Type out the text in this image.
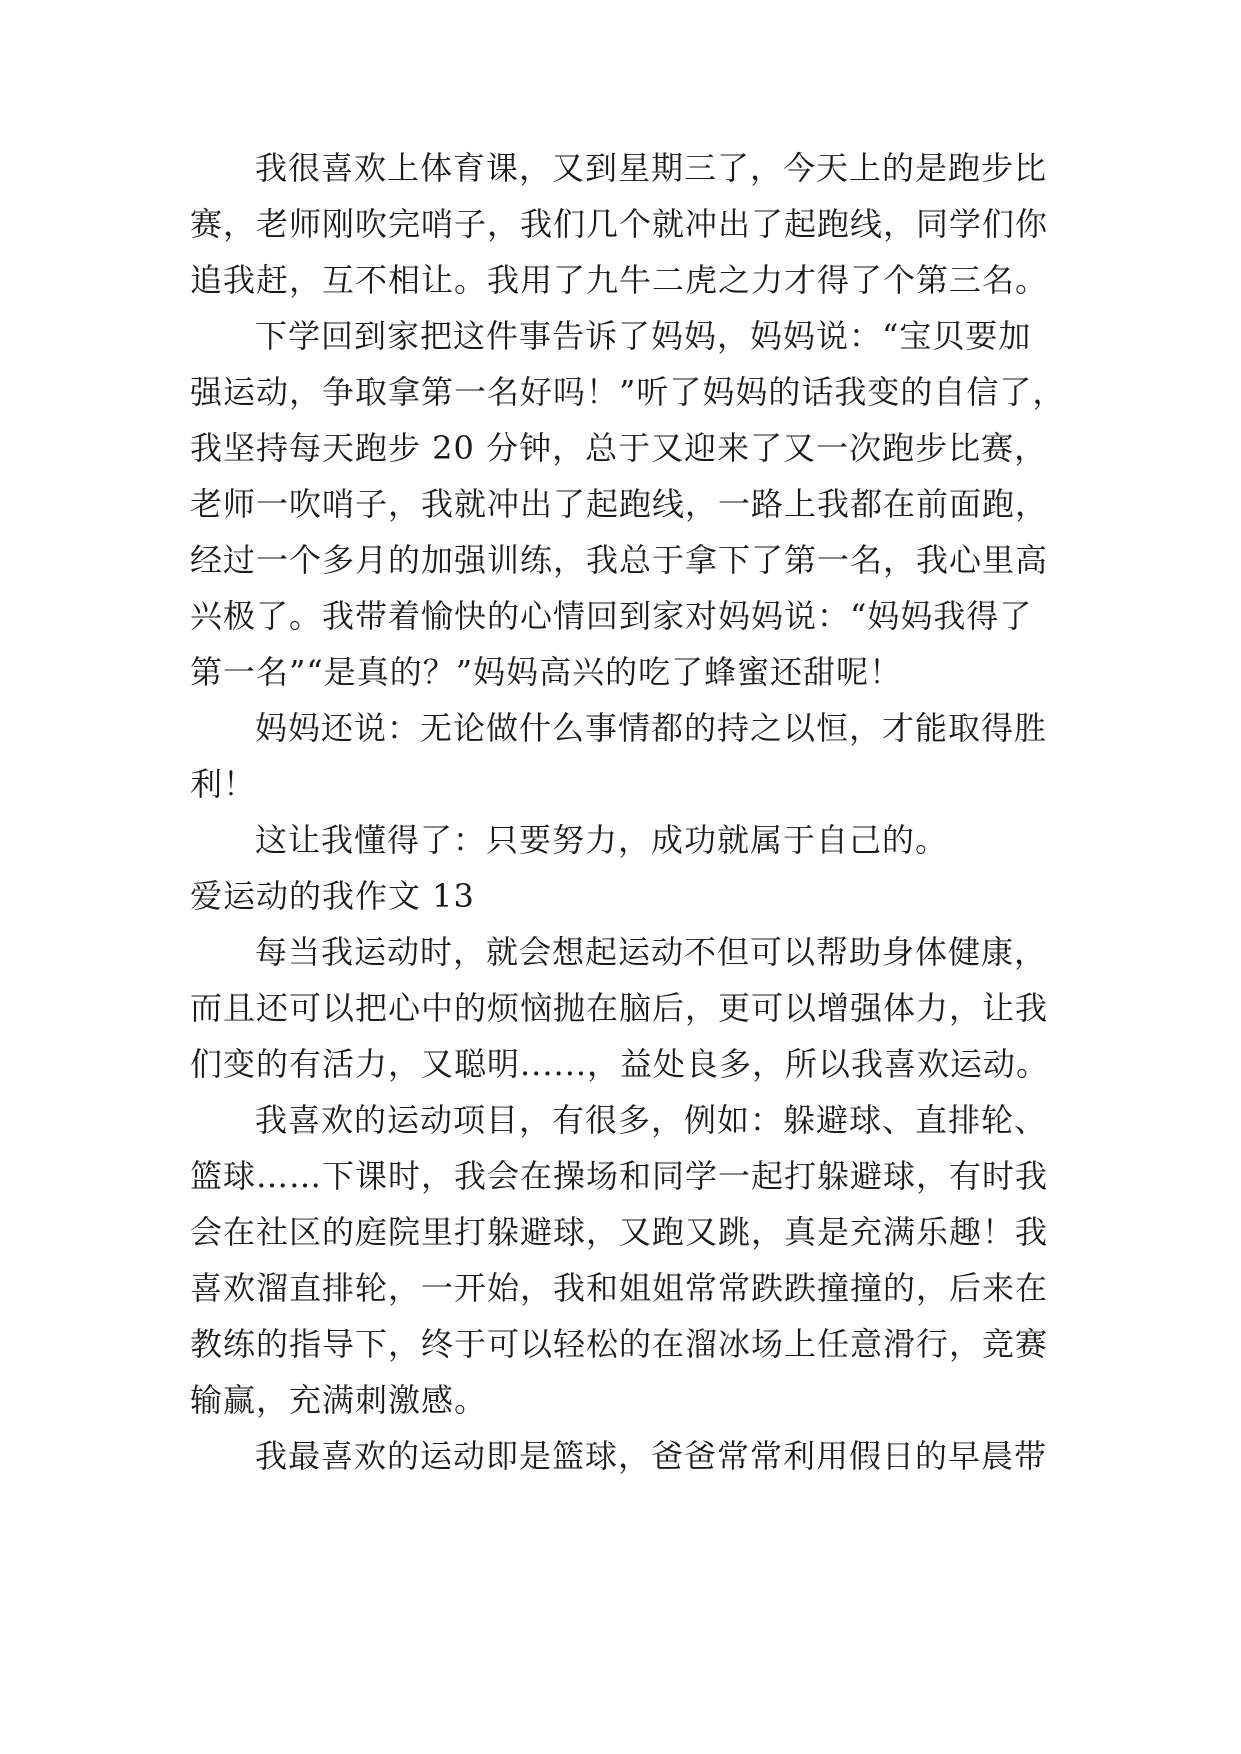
我很喜欢上体育课，又到星期三了，今天上的是跑步比
赛，老师刚吹完哨子，我们几个就冲出了起跑线，同学们你
追我赶，互不相让。我用了九牛二虎之力才得了个第三名。
下学回到家把这件事告诉了妈妈，妈妈说：“宝贝要加
强运动，争取拿第一名好吗！”听了妈妈的话我变的自信了，
我坚持每天跑步 20 分钟，总于又迎来了又一次跑步比赛，
老师一吹哨子，我就冲出了起跑线，一路上我都在前面跑，
经过一个多月的加强训练，我总于拿下了第一名，我心里高
兴极了。我带着愉快的心情回到家对妈妈说：“妈妈我得了
第一名”“是真的？”妈妈高兴的吃了蜂蜜还甜呢！
妈妈还说：无论做什么事情都的持之以恒，才能取得胜
利！
这让我懂得了：只要努力，成功就属于自己的。
爱运动的我作文 13
每当我运动时，就会想起运动不但可以帮助身体健康，
而且还可以把心中的烦恼抛在脑后，更可以增强体力，让我
们变的有活力，又聪明......，益处良多，所以我喜欢运动。
我喜欢的运动项目，有很多，例如：躲避球、直排轮、
篮球……下课时，我会在操场和同学一起打躲避球，有时我
会在社区的庭院里打躲避球，又跑又跳，真是充满乐趣！我
喜欢溜直排轮，一开始，我和姐姐常常跌跌撞撞的，后来在
教练的指导下，终于可以轻松的在溜冰场上任意滑行，竞赛
输赢，充满刺激感。
我最喜欢的运动即是篮球，爸爸常常利用假日的早晨带
